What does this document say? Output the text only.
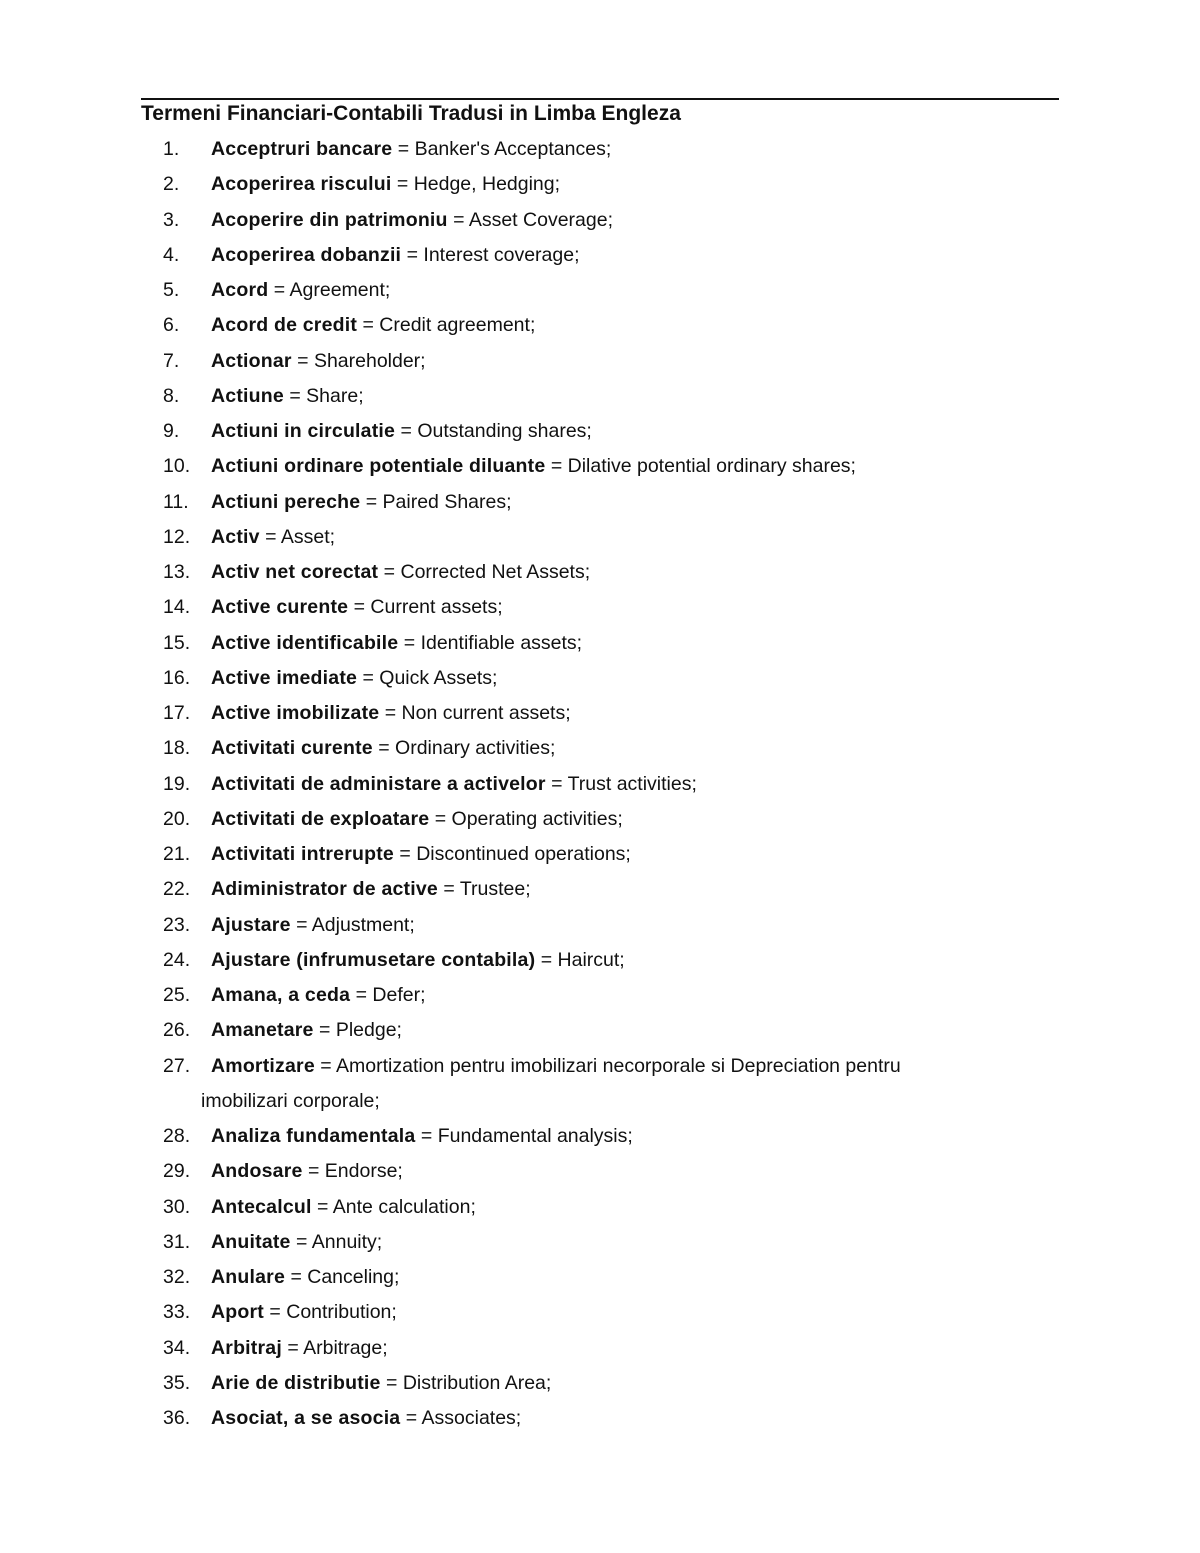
Termeni Financiari-Contabili Tradusi in Limba Engleza
1. Acceptruri bancare = Banker's Acceptances;
2. Acoperirea riscului = Hedge, Hedging;
3. Acoperire din patrimoniu = Asset Coverage;
4. Acoperirea dobanzii = Interest coverage;
5. Acord = Agreement;
6. Acord de credit = Credit agreement;
7. Actionar = Shareholder;
8. Actiune = Share;
9. Actiuni in circulatie = Outstanding shares;
10. Actiuni ordinare potentiale diluante = Dilative potential ordinary shares;
11. Actiuni pereche = Paired Shares;
12. Activ = Asset;
13. Activ net corectat = Corrected Net Assets;
14. Active curente = Current assets;
15. Active identificabile = Identifiable assets;
16. Active imediate = Quick Assets;
17. Active imobilizate = Non current assets;
18. Activitati curente = Ordinary activities;
19. Activitati de administare a activelor = Trust activities;
20. Activitati de exploatare = Operating activities;
21. Activitati intrerupte = Discontinued operations;
22. Adiministrator de active = Trustee;
23. Ajustare = Adjustment;
24. Ajustare (infrumusetare contabila) = Haircut;
25. Amana, a ceda = Defer;
26. Amanetare = Pledge;
27. Amortizare = Amortization pentru imobilizari necorporale si Depreciation pentru
imobilizari corporale;
28. Analiza fundamentala = Fundamental analysis;
29. Andosare = Endorse;
30. Antecalcul = Ante calculation;
31. Anuitate = Annuity;
32. Anulare = Canceling;
33. Aport = Contribution;
34. Arbitraj = Arbitrage;
35. Arie de distributie = Distribution Area;
36. Asociat, a se asocia = Associates;
